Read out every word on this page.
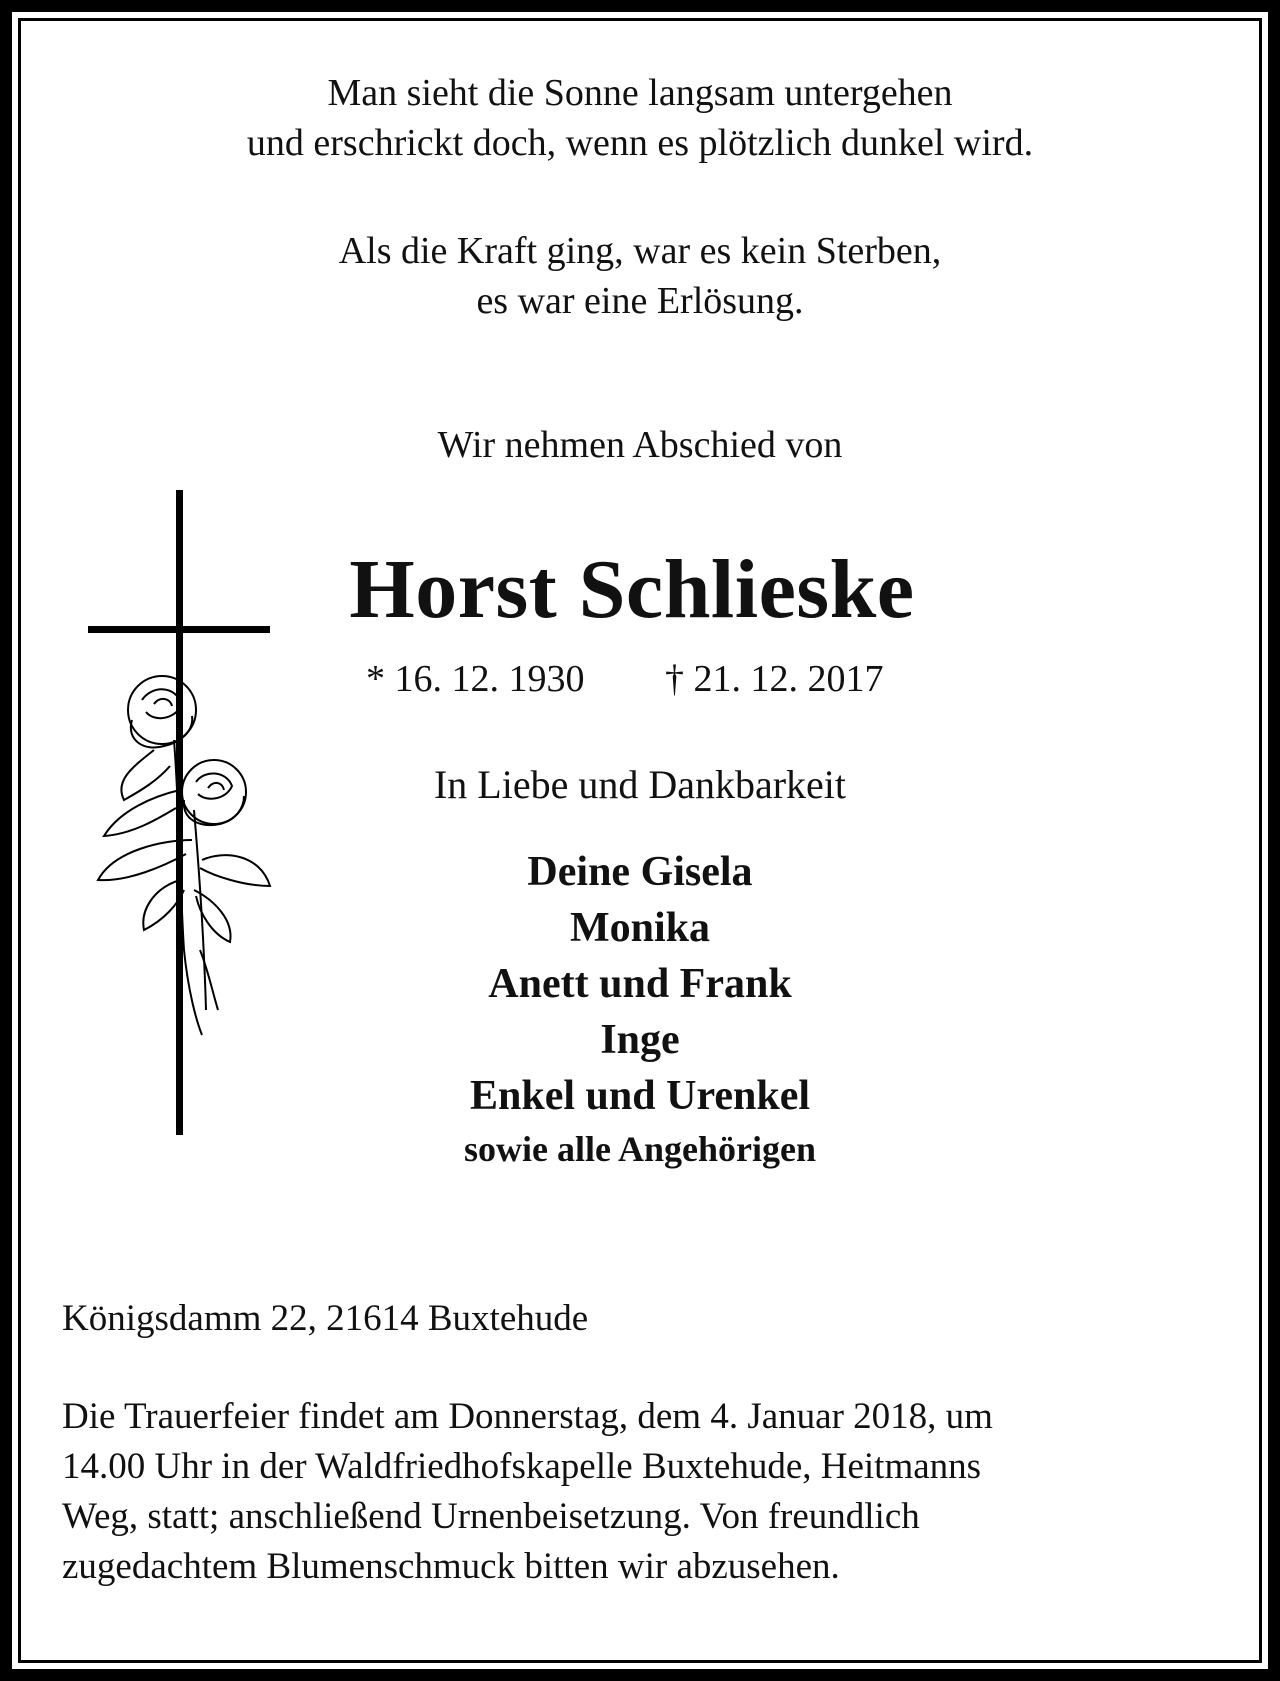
Man sieht die Sonne langsam untergehen
und erschrickt doch, wenn es plötzlich dunkel wird.
Als die Kraft ging, war es kein Sterben,
es war eine Erlösung.
Wir nehmen Abschied von
Horst Schlieske
* 16. 12. 1930 † 21. 12. 2017
In Liebe und Dankbarkeit
Deine Gisela
Monika
Anett und Frank
Inge
Enkel und Urenkel
sowie alle Angehörigen
Königsdamm 22, 21614 Buxtehude
Die Trauerfeier findet am Donnerstag, dem 4. Januar 2018, um
14.00 Uhr in der Waldfriedhofskapelle Buxtehude, Heitmanns
Weg, statt; anschließend Urnenbeisetzung. Von freundlich
zugedachtem Blumenschmuck bitten wir abzusehen.
